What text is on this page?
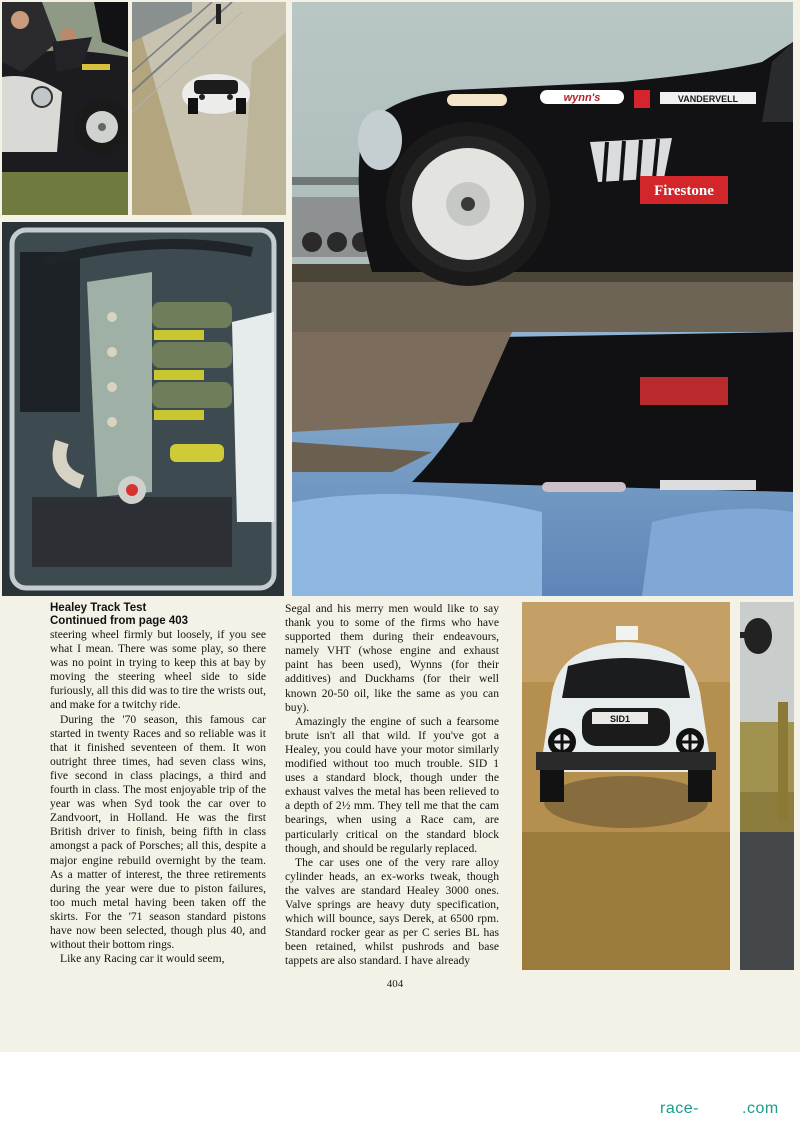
wynn's	VANDERVELL
Firestone
SID1
Healey Track Test
Continued from page 403

steering wheel firmly but loosely, if you see what I mean. There was some play, so there was no point in trying to keep this at bay by moving the steering wheel side to side furiously, all this did was to tire the wrists out, and make for a twitchy ride.

During the '70 season, this famous car started in twenty Races and so reliable was it that it finished seventeen of them. It won outright three times, had seven class wins, five second in class placings, a third and fourth in class. The most enjoyable trip of the year was when Syd took the car over to Zandvoort, in Holland. He was the first British driver to finish, being fifth in class amongst a pack of Porsches; all this, despite a major engine rebuild overnight by the team. As a matter of interest, the three retirements during the year were due to piston failures, too much metal having been taken off the skirts. For the '71 season standard pistons have now been selected, though plus 40, and without their bottom rings.

Like any Racing car it would seem,

Segal and his merry men would like to say thank you to some of the firms who have supported them during their endeavours, namely VHT (whose engine and exhaust paint has been used), Wynns (for their additives) and Duckhams (for their well known 20-50 oil, like the same as you can buy).

Amazingly the engine of such a fearsome brute isn't all that wild. If you've got a Healey, you could have your motor similarly modified without too much trouble. SID 1 uses a standard block, though under the exhaust valves the metal has been relieved to a depth of 2½ mm. They tell me that the cam bearings, when using a Race cam, are particularly critical on the standard block though, and should be regularly replaced.

The car uses one of the very rare alloy cylinder heads, an ex-works tweak, though the valves are standard Healey 3000 ones. Valve springs are heavy duty specification, which will bounce, says Derek, at 6500 rpm. Standard rocker gear as per C series BL has been retained, whilst pushrods and base tappets are also standard. I have already

404
race-	.com
